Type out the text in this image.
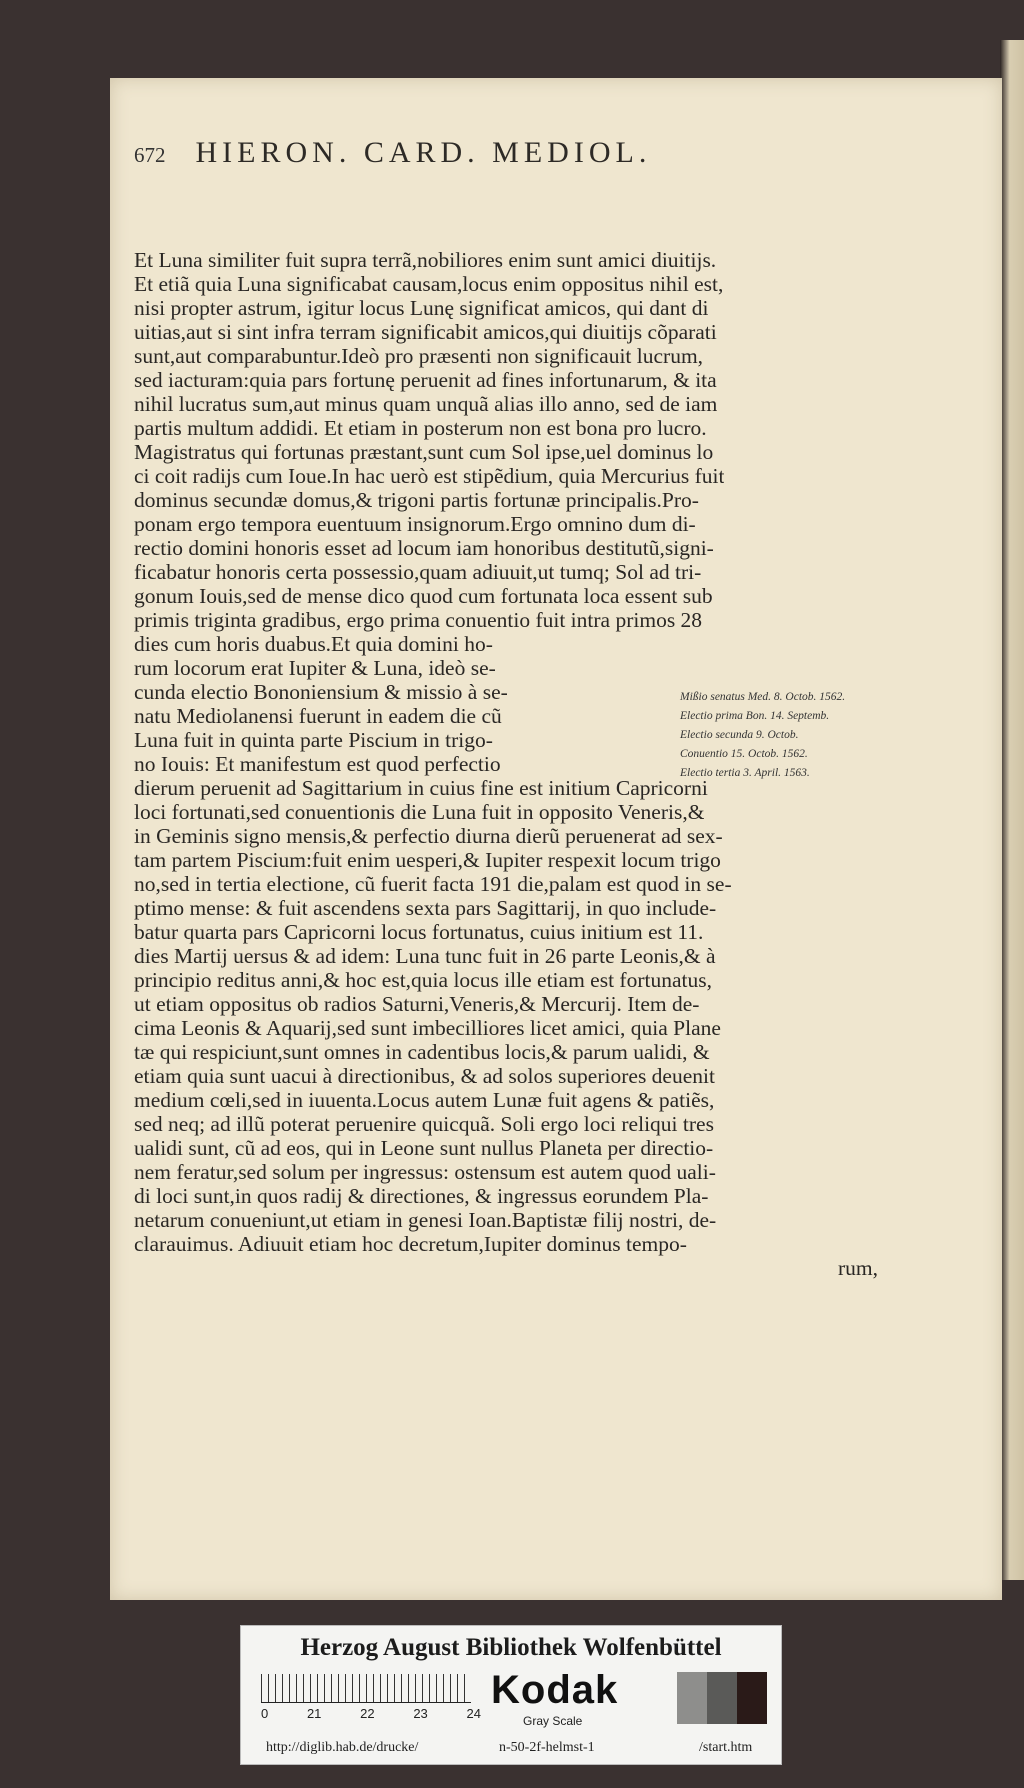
672 HIERON. CARD. MEDIOL.
Et Luna similiter fuit supra terrã,nobiliores enim sunt amici diuitijs.
Et etiã quia Luna significabat causam,locus enim oppositus nihil est,
nisi propter astrum, igitur locus Lunę significat amicos, qui dant di
uitias,aut si sint infra terram significabit amicos,qui diuitijs cõparati
sunt,aut comparabuntur.Ideò pro præsenti non significauit lucrum,
sed iacturam:quia pars fortunę peruenit ad fines infortunarum, & ita
nihil lucratus sum,aut minus quam unquã alias illo anno, sed de iam
partis multum addidi. Et etiam in posterum non est bona pro lucro.
Magistratus qui fortunas præstant,sunt cum Sol ipse,uel dominus lo
ci coit radijs cum Ioue.In hac uerò est stipẽdium, quia Mercurius fuit
dominus secundæ domus,& trigoni partis fortunæ principalis.Pro-
ponam ergo tempora euentuum insignorum.Ergo omnino dum di-
rectio domini honoris esset ad locum iam honoribus destitutũ,signi-
ficabatur honoris certa possessio,quam adiuuit,ut tumq; Sol ad tri-
gonum Iouis,sed de mense dico quod cum fortunata loca essent sub
primis triginta gradibus, ergo prima conuentio fuit intra primos 28
dies cum horis duabus.Et quia domini ho-
rum locorum erat Iupiter & Luna, ideò se-
cunda electio Bononiensium & missio à se-
natu Mediolanensi fuerunt in eadem die cũ
Luna fuit in quinta parte Piscium in trigo-
no Iouis: Et manifestum est quod perfectio
dierum peruenit ad Sagittarium in cuius fine est initium Capricorni
loci fortunati,sed conuentionis die Luna fuit in opposito Veneris,&
in Geminis signo mensis,& perfectio diurna dierũ peruenerat ad sex-
tam partem Piscium:fuit enim uesperi,& Iupiter respexit locum trigo
no,sed in tertia electione, cũ fuerit facta 191 die,palam est quod in se-
ptimo mense: & fuit ascendens sexta pars Sagittarij, in quo include-
batur quarta pars Capricorni locus fortunatus, cuius initium est 11.
dies Martij uersus & ad idem: Luna tunc fuit in 26 parte Leonis,& à
principio reditus anni,& hoc est,quia locus ille etiam est fortunatus,
ut etiam oppositus ob radios Saturni,Veneris,& Mercurij. Item de-
cima Leonis & Aquarij,sed sunt imbecilliores licet amici, quia Plane
tæ qui respiciunt,sunt omnes in cadentibus locis,& parum ualidi, &
etiam quia sunt uacui à directionibus, & ad solos superiores deuenit
medium cœli,sed in iuuenta.Locus autem Lunæ fuit agens & patiẽs,
sed neq; ad illũ poterat peruenire quicquã. Soli ergo loci reliqui tres
ualidi sunt, cũ ad eos, qui in Leone sunt nullus Planeta per directio-
nem feratur,sed solum per ingressus: ostensum est autem quod uali-
di loci sunt,in quos radij & directiones, & ingressus eorundem Pla-
netarum conueniunt,ut etiam in genesi Ioan.Baptistæ filij nostri, de-
clarauimus. Adiuuit etiam hoc decretum,Iupiter dominus tempo-
rum,
Mißio senatus Med. 8. Octob. 1562.
Electio prima Bon. 14. Septemb.
Electio secunda 9. Octob.
Conuentio 15. Octob. 1562.
Electio tertia 3. April. 1563.
Herzog August Bibliothek Wolfenbüttel
0	21	22	23	24
Kodak
Gray Scale
http://diglib.hab.de/drucke/	n-50-2f-helmst-1	/start.htm
